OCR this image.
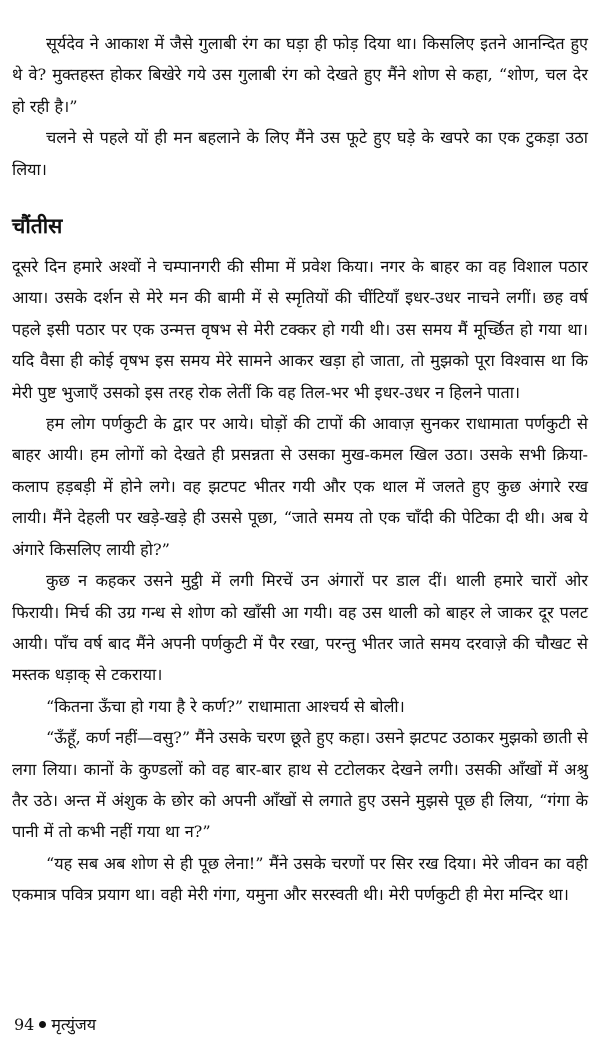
सूर्यदेव ने आकाश में जैसे गुलाबी रंग का घड़ा ही फोड़ दिया था। किसलिए इतने आनन्दित हुए थे वे? मुक्तहस्त होकर बिखेरे गये उस गुलाबी रंग को देखते हुए मैंने शोण से कहा, “शोण, चल देर हो रही है।”

चलने से पहले यों ही मन बहलाने के लिए मैंने उस फूटे हुए घड़े के खपरे का एक टुकड़ा उठा लिया।

चौंतीस

दूसरे दिन हमारे अश्वों ने चम्पानगरी की सीमा में प्रवेश किया। नगर के बाहर का वह विशाल पठार आया। उसके दर्शन से मेरे मन की बामी में से स्मृतियों की चींटियाँ इधर-उधर नाचने लगीं। छह वर्ष पहले इसी पठार पर एक उन्मत्त वृषभ से मेरी टक्कर हो गयी थी। उस समय मैं मूर्च्छित हो गया था। यदि वैसा ही कोई वृषभ इस समय मेरे सामने आकर खड़ा हो जाता, तो मुझको पूरा विश्वास था कि मेरी पुष्ट भुजाएँ उसको इस तरह रोक लेतीं कि वह तिल-भर भी इधर-उधर न हिलने पाता।

हम लोग पर्णकुटी के द्वार पर आये। घोड़ों की टापों की आवाज़ सुनकर राधामाता पर्णकुटी से बाहर आयी। हम लोगों को देखते ही प्रसन्नता से उसका मुख-कमल खिल उठा। उसके सभी क्रिया-कलाप हड़बड़ी में होने लगे। वह झटपट भीतर गयी और एक थाल में जलते हुए कुछ अंगारे रख लायी। मैंने देहली पर खड़े-खड़े ही उससे पूछा, “जाते समय तो एक चाँदी की पेटिका दी थी। अब ये अंगारे किसलिए लायी हो?”

कुछ न कहकर उसने मुट्ठी में लगी मिरचें उन अंगारों पर डाल दीं। थाली हमारे चारों ओर फिरायी। मिर्च की उग्र गन्ध से शोण को खाँसी आ गयी। वह उस थाली को बाहर ले जाकर दूर पलट आयी। पाँच वर्ष बाद मैंने अपनी पर्णकुटी में पैर रखा, परन्तु भीतर जाते समय दरवाज़े की चौखट से मस्तक धड़ाक् से टकराया।

“कितना ऊँचा हो गया है रे कर्ण?” राधामाता आश्चर्य से बोली।

“ऊँहूँ, कर्ण नहीं—वसु?” मैंने उसके चरण छूते हुए कहा। उसने झटपट उठाकर मुझको छाती से लगा लिया। कानों के कुण्डलों को वह बार-बार हाथ से टटोलकर देखने लगी। उसकी आँखों में अश्रु तैर उठे। अन्त में अंशुक के छोर को अपनी आँखों से लगाते हुए उसने मुझसे पूछ ही लिया, “गंगा के पानी में तो कभी नहीं गया था न?”

“यह सब अब शोण से ही पूछ लेना!” मैंने उसके चरणों पर सिर रख दिया। मेरे जीवन का वही एकमात्र पवित्र प्रयाग था। वही मेरी गंगा, यमुना और सरस्वती थी। मेरी पर्णकुटी ही मेरा मन्दिर था।

94 मृत्युंजय
